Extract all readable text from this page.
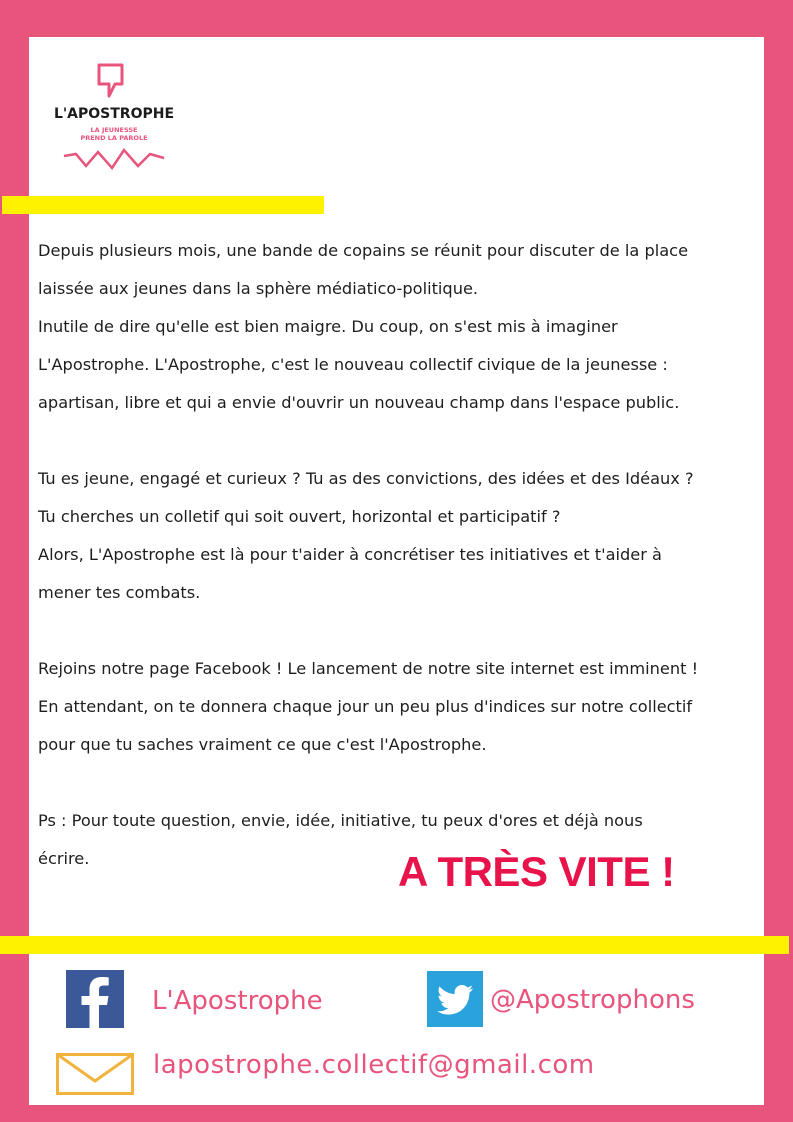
L'APOSTROPHE
LA JEUNESSE
PREND LA PAROLE

Depuis plusieurs mois, une bande de copains se réunit pour discuter de la place

laissée aux jeunes dans la sphère médiatico-politique.

Inutile de dire qu'elle est bien maigre. Du coup, on s'est mis à imaginer

L'Apostrophe. L'Apostrophe, c'est le nouveau collectif civique de la jeunesse :

apartisan, libre et qui a envie d'ouvrir un nouveau champ dans l'espace public.

Tu es jeune, engagé et curieux ? Tu as des convictions, des idées et des Idéaux ?

Tu cherches un colletif qui soit ouvert, horizontal et participatif ?

Alors, L'Apostrophe est là pour t'aider à concrétiser tes initiatives et t'aider à

mener tes combats.

Rejoins notre page Facebook ! Le lancement de notre site internet est imminent !

En attendant, on te donnera chaque jour un peu plus d'indices sur notre collectif

pour que tu saches vraiment ce que c'est l'Apostrophe.

Ps : Pour toute question, envie, idée, initiative, tu peux d'ores et déjà nous

écrire.	A TRÈS VITE !
L'Apostrophe	@Apostrophons
lapostrophe.collectif@gmail.com
